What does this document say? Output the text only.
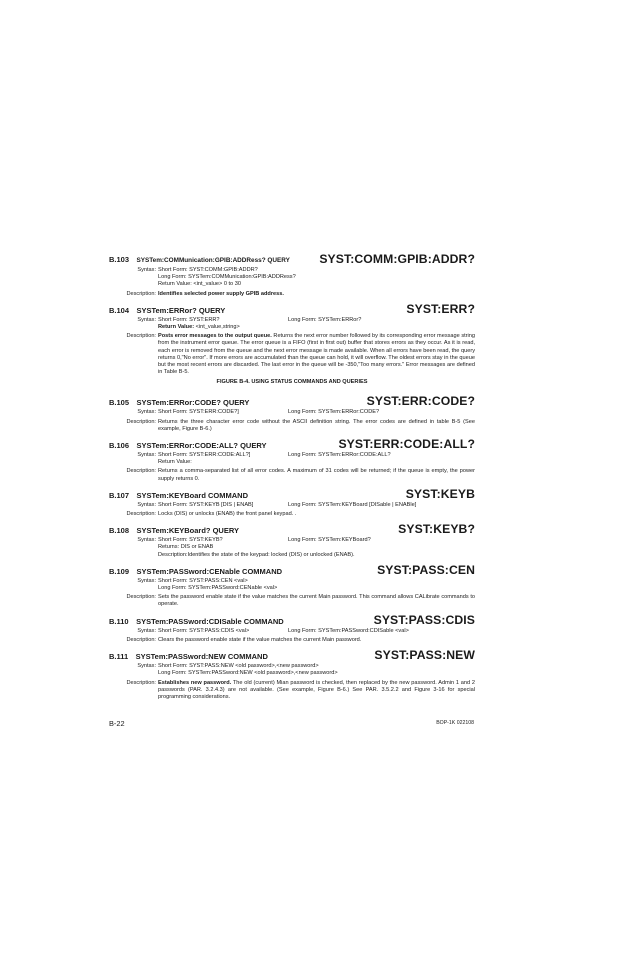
B.103 SYSTem:COMMunication:GPIB:ADDRess? QUERY SYST:COMM:GPIB:ADDR?
Syntax: Short Form: SYST:COMM:GPIB:ADDR?
Long Form: SYSTem:COMMunication:GPIB:ADDRess?
Return Value: <int_value> 0 to 30
Description: Identifies selected power supply GPIB address.
B.104 SYSTem:ERRor? QUERY	SYST:ERR?
Syntax: Short Form: SYST:ERR?	Long Form: SYSTem:ERRor?
Return Value: <int_value,string>
Description: Posts error messages to the output queue. Returns the next error number followed by its corresponding error message string from the instrument error queue. The error queue is a FIFO (first in first out) buffer that stores errors as they occur. As it is read, each error is removed from the queue and the next error message is made available. When all errors have been read, the query returns 0,"No error". If more errors are accumulated than the queue can hold, it will overflow. The oldest errors stay in the queue but the most recent errors are discarded. The last error in the queue will be -350,"Too many errors." Error messages are defined in Table B-5.
FIGURE B-4. USING STATUS COMMANDS AND QUERIES
B.105 SYSTem:ERRor:CODE? QUERY	SYST:ERR:CODE?
Syntax: Short Form: SYST:ERR:CODE?]	Long Form: SYSTem:ERRor:CODE?
Description: Returns the three character error code without the ASCII definition string. The error codes are defined in table B-5 (See example, Figure B-6.)
B.106 SYSTem:ERRor:CODE:ALL? QUERY	SYST:ERR:CODE:ALL?
Syntax: Short Form: SYST:ERR:CODE:ALL?]	Long Form: SYSTem:ERRor:CODE:ALL?
Return Value:
Description: Returns a comma-separated list of all error codes. A maximum of 31 codes will be returned; if the queue is empty, the power supply returns 0.
B.107 SYSTem:KEYBoard COMMAND	SYST:KEYB
Syntax: Short Form: SYST:KEYB [DIS | ENAB]	Long Form: SYSTem:KEYBoard [DISable | ENABle]
Description: Locks (DIS) or unlocks (ENAB) the front panel keypad. .
B.108 SYSTem:KEYBoard? QUERY	SYST:KEYB?
Syntax: Short Form: SYST:KEYB?	Long Form: SYSTem:KEYBoard?
Returns: DIS or ENAB
Description:Identifies the state of the keypad: locked (DIS) or unlocked (ENAB).
B.109 SYSTem:PASSword:CENable COMMAND	SYST:PASS:CEN
Syntax: Short Form: SYST:PASS:CEN <val>
Long Form: SYSTem:PASSword:CENable <val>
Description: Sets the password enable state if the value matches the current Main password. This command allows CALibrate commands to operate.
B.110 SYSTem:PASSword:CDISable COMMAND	SYST:PASS:CDIS
Syntax: Short Form: SYST:PASS:CDIS <val>	Long Form: SYSTem:PASSword:CDISable <val>
Description: Clears the password enable state if the value matches the current Main password.
B.111 SYSTem:PASSword:NEW COMMAND	SYST:PASS:NEW
Syntax: Short Form: SYST:PASS:NEW <old password>,<new password>
Long Form: SYSTem:PASSword:NEW <old password>,<new password>
Description: Establishes new password. The old (current) Mian password is checked, then replaced by the new password. Admin 1 and 2 passwords (PAR. 3.2.4.3) are not available. (See example, Figure B-6.) See PAR. 3.5.2.2 and Figure 3-16 for special programming considerations.
B-22	BOP-1K 022108
